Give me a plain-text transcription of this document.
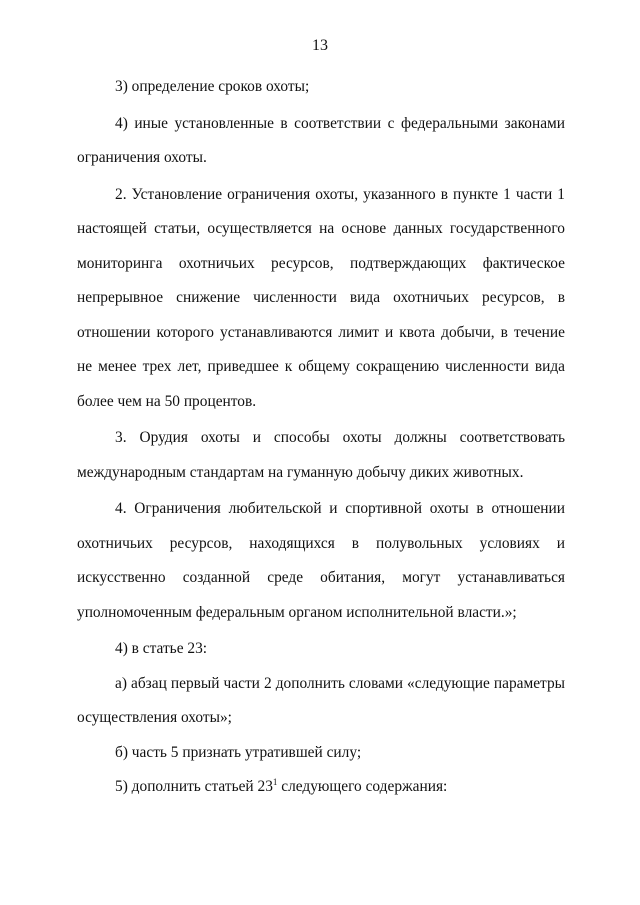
13

3) определение сроков охоты;

4) иные установленные в соответствии с федеральными законами ограничения охоты.

2. Установление ограничения охоты, указанного в пункте 1 части 1 настоящей статьи, осуществляется на основе данных государственного мониторинга охотничьих ресурсов, подтверждающих фактическое непрерывное снижение численности вида охотничьих ресурсов, в отношении которого устанавливаются лимит и квота добычи, в течение не менее трех лет, приведшее к общему сокращению численности вида более чем на 50 процентов.

3. Орудия охоты и способы охоты должны соответствовать международным стандартам на гуманную добычу диких животных.

4. Ограничения любительской и спортивной охоты в отношении охотничьих ресурсов, находящихся в полувольных условиях и искусственно созданной среде обитания, могут устанавливаться уполномоченным федеральным органом исполнительной власти.»;

4) в статье 23:

а) абзац первый части 2 дополнить словами «следующие параметры осуществления охоты»;

б) часть 5 признать утратившей силу;

5) дополнить статьей $23^1$ следующего содержания:
